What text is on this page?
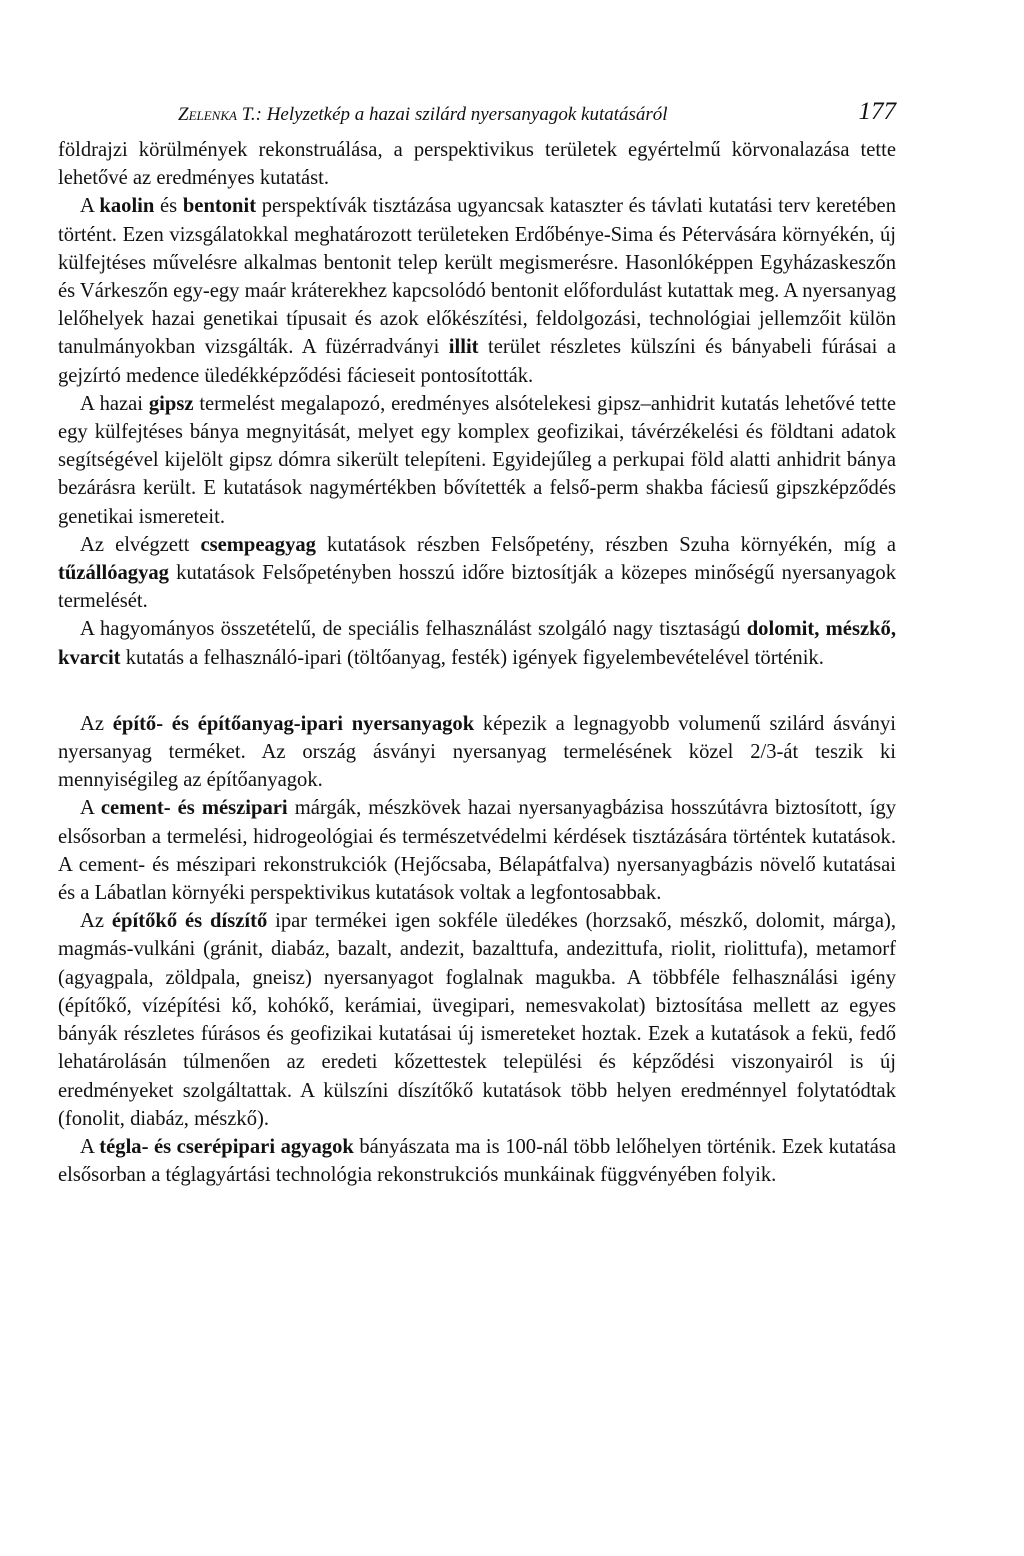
Zelenka T.: Helyzetkép a hazai szilárd nyersanyagok kutatásáról	177

földrajzi körülmények rekonstruálása, a perspektivikus területek egyértelmű körvonalazása tette lehetővé az eredményes kutatást.

A kaolin és bentonit perspektívák tisztázása ugyancsak kataszter és távlati kutatási terv keretében történt. Ezen vizsgálatokkal meghatározott területeken Erdőbénye-Sima és Pétervására környékén, új külfejtéses művelésre alkalmas bentonit telep került megismerésre. Hasonlóképpen Egyházaskeszőn és Várkeszőn egy-egy maár kráterekhez kapcsolódó bentonit előfordulást kutattak meg. A nyersanyag lelőhelyek hazai genetikai típusait és azok előkészítési, feldolgozási, technológiai jellemzőit külön tanulmányokban vizsgálták. A füzérradványi illit terület részletes külszíni és bányabeli fúrásai a gejzírtó medence üledékképződési fácieseit pontosították.

A hazai gipsz termelést megalapozó, eredményes alsótelekesi gipsz–anhidrit kutatás lehetővé tette egy külfejtéses bánya megnyitását, melyet egy komplex geofizikai, távérzékelési és földtani adatok segítségével kijelölt gipsz dómra sikerült telepíteni. Egyidejűleg a perkupai föld alatti anhidrit bánya bezárásra került. E kutatások nagymértékben bővítették a felső-perm shakba fáciesű gipszképződés genetikai ismereteit.

Az elvégzett csempeagyag kutatások részben Felsőpetény, részben Szuha környékén, míg a tűzállóagyag kutatások Felsőpetényben hosszú időre biztosítják a közepes minőségű nyersanyagok termelését.

A hagyományos összetételű, de speciális felhasználást szolgáló nagy tisztaságú dolomit, mészkő, kvarcit kutatás a felhasználó-ipari (töltőanyag, festék) igények figyelembevételével történik.

Az építő- és építőanyag-ipari nyersanyagok képezik a legnagyobb volumenű szilárd ásványi nyersanyag terméket. Az ország ásványi nyersanyag termelésének közel 2/3-át teszik ki mennyiségileg az építőanyagok.

A cement- és mészipari márgák, mészkövek hazai nyersanyagbázisa hosszútávra biztosított, így elsősorban a termelési, hidrogeológiai és természetvédelmi kérdések tisztázására történtek kutatások. A cement- és mészipari rekonstrukciók (Hejőcsaba, Bélapátfalva) nyersanyagbázis növelő kutatásai és a Lábatlan környéki perspektivikus kutatások voltak a legfontosabbak.

Az építőkő és díszítő ipar termékei igen sokféle üledékes (horzsakő, mészkő, dolomit, márga), magmás-vulkáni (gránit, diabáz, bazalt, andezit, bazalttufa, andezittufa, riolit, riolittufa), metamorf (agyagpala, zöldpala, gneisz) nyersanyagot foglalnak magukba. A többféle felhasználási igény (építőkő, vízépítési kő, kohókő, kerámiai, üvegipari, nemesvakolat) biztosítása mellett az egyes bányák részletes fúrásos és geofizikai kutatásai új ismereteket hoztak. Ezek a kutatások a fekü, fedő lehatárolásán túlmenően az eredeti kőzettestek települési és képződési viszonyairól is új eredményeket szolgáltattak. A külszíni díszítőkő kutatások több helyen eredménnyel folytatódtak (fonolit, diabáz, mészkő).

A tégla- és cserépipari agyagok bányászata ma is 100-nál több lelőhelyen történik. Ezek kutatása elsősorban a téglagyártási technológia rekonstrukciós munkáinak függvényében folyik.
